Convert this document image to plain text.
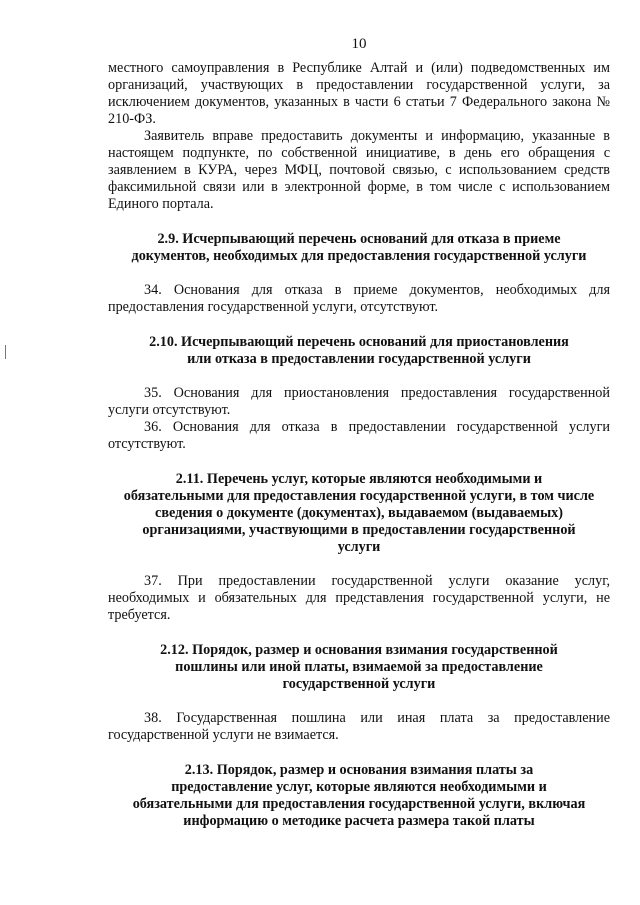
10

местного самоуправления в Республике Алтай и (или) подведомственных им организаций, участвующих в предоставлении государственной услуги, за исключением документов, указанных в части 6 статьи 7 Федерального закона № 210-ФЗ.

Заявитель вправе предоставить документы и информацию, указанные в настоящем подпункте, по собственной инициативе, в день его обращения с заявлением в КУРА, через МФЦ, почтовой связью, с использованием средств факсимильной связи или в электронной форме, в том числе с использованием Единого портала.

2.9. Исчерпывающий перечень оснований для отказа в приеме
документов, необходимых для предоставления государственной услуги

34. Основания для отказа в приеме документов, необходимых для предоставления государственной услуги, отсутствуют.

2.10. Исчерпывающий перечень оснований для приостановления
или отказа в предоставлении государственной услуги

35. Основания для приостановления предоставления государственной услуги отсутствуют.

36. Основания для отказа в предоставлении государственной услуги отсутствуют.

2.11. Перечень услуг, которые являются необходимыми и
обязательными для предоставления государственной услуги, в том числе
сведения о документе (документах), выдаваемом (выдаваемых)
организациями, участвующими в предоставлении государственной
услуги

37. При предоставлении государственной услуги оказание услуг, необходимых и обязательных для представления государственной услуги, не требуется.

2.12. Порядок, размер и основания взимания государственной
пошлины или иной платы, взимаемой за предоставление
государственной услуги

38. Государственная пошлина или иная плата за предоставление государственной услуги не взимается.

2.13. Порядок, размер и основания взимания платы за
предоставление услуг, которые являются необходимыми и
обязательными для предоставления государственной услуги, включая
информацию о методике расчета размера такой платы
